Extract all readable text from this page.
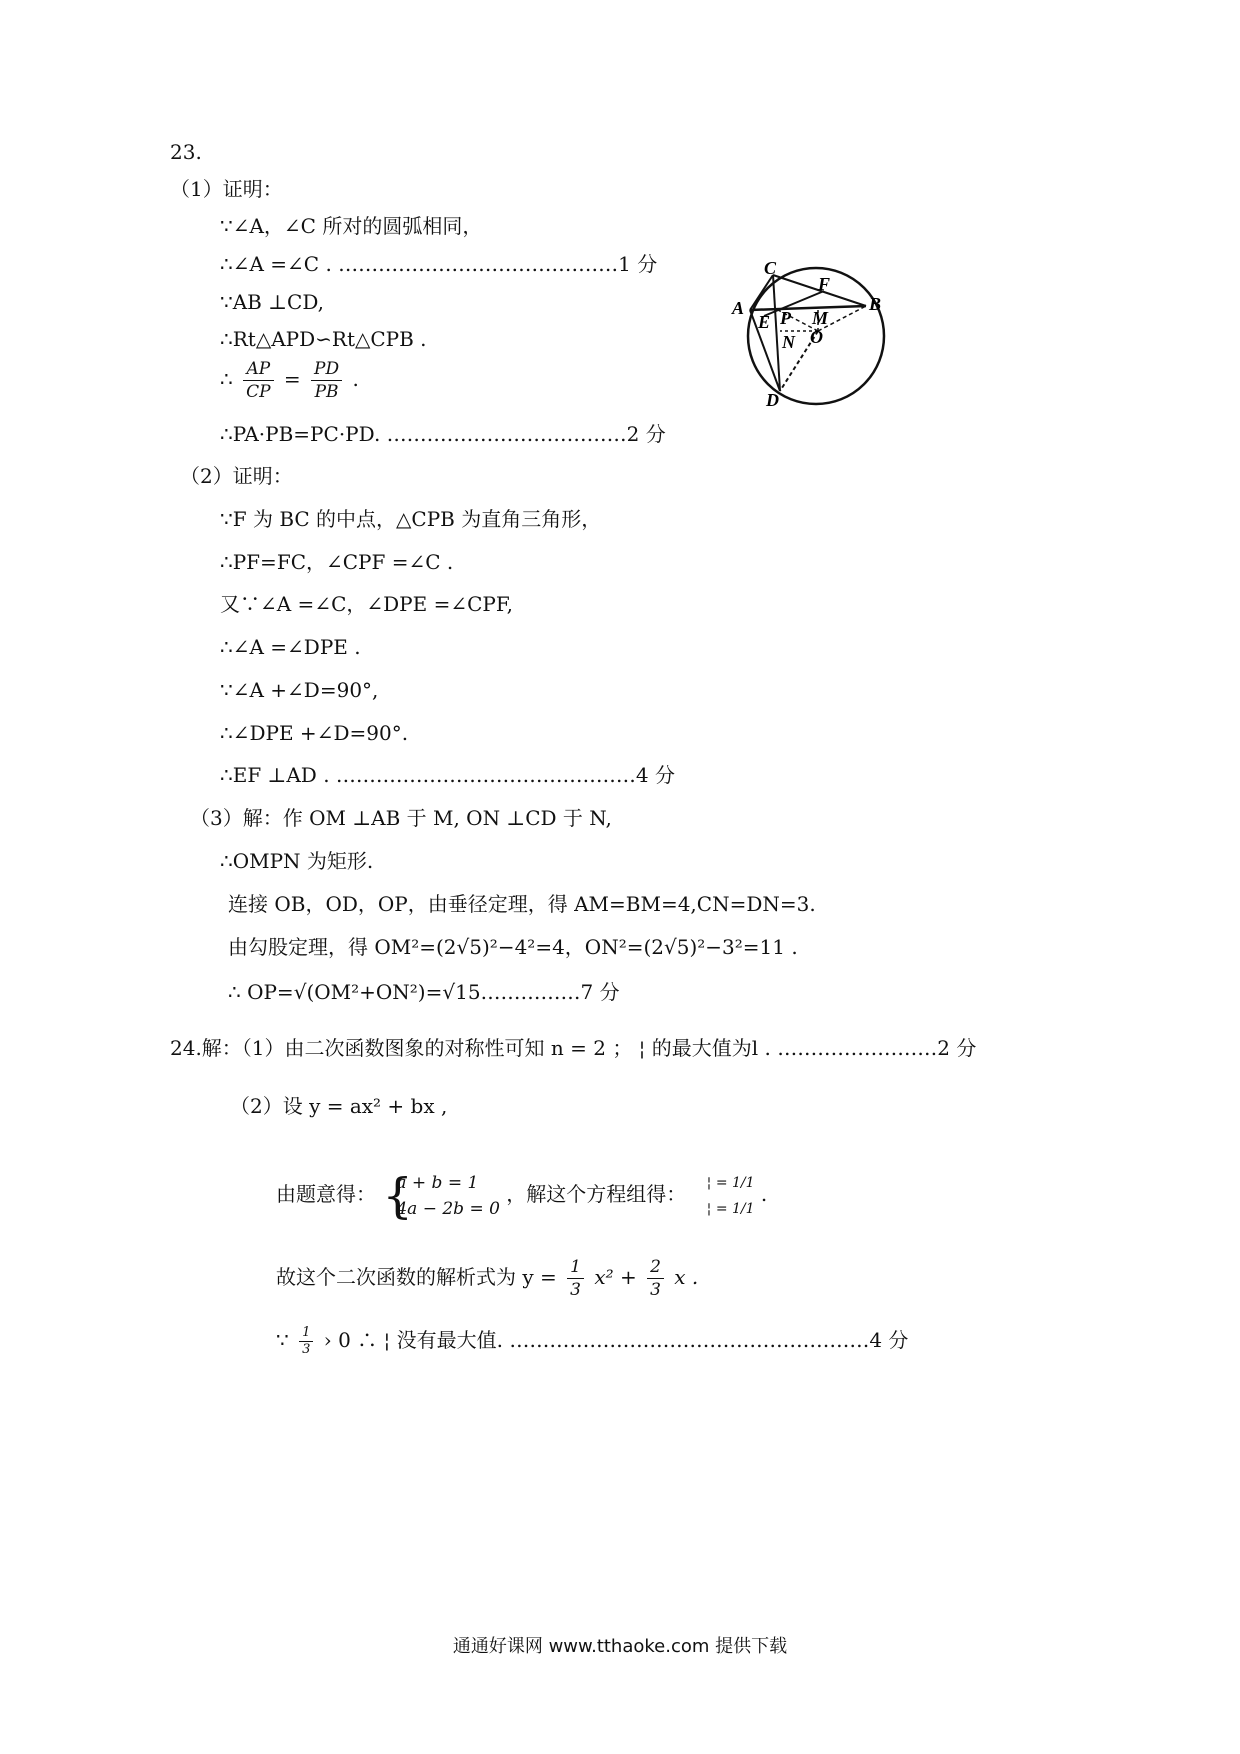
23.
（1）证明：
∵∠A，∠C 所对的圆弧相同，
∴∠A =∠C . ……………………………………1 分
∵AB ⊥CD,
∴Rt△APD∽Rt△CPB .
∴ $\frac{AP}{CP} = \frac{PD}{PB}$ .
∴PA·PB=PC·PD. ………………………………2 分
（2）证明：
∵F 为 BC 的中点，△CPB 为直角三角形，
∴PF=FC，∠CPF =∠C .
又∵∠A =∠C，∠DPE =∠CPF,
∴∠A =∠DPE .
∵∠A +∠D=90°,
∴∠DPE +∠D=90°.
∴EF ⊥AD . ………………………………………4 分
（3）解：作 OM ⊥AB 于 M, ON ⊥CD 于 N,
∴OMPN 为矩形.
连接 OB，OD，OP，由垂径定理，得 AM=BM=4,CN=DN=3.
由勾股定理，得 OM²=(2√5)²−4²=4，ON²=(2√5)²−3²=11 .
∴ OP=√(OM²+ON²)=√15……………7 分
C
F
A	B
E P M
N O
D
24.解：（1）由二次函数图象的对称性可知 n = 2 ； ¦ 的最大值为l . ……………………2 分
（2）设 y = ax² + bx ,
由题意得： {
a + b = 1
4a − 2b = 0
，解这个方程组得： ¦ = 1/1
¦ = 1/1
.
故这个二次函数的解析式为 $y = \frac{1}{3} x^2 + \frac{2}{3}$ x .
∵ $\frac{1}{3}$ › 0 ∴ ¦ 没有最大值. ………………………………………………4 分
通通好课网 www.tthaoke.com 提供下载
